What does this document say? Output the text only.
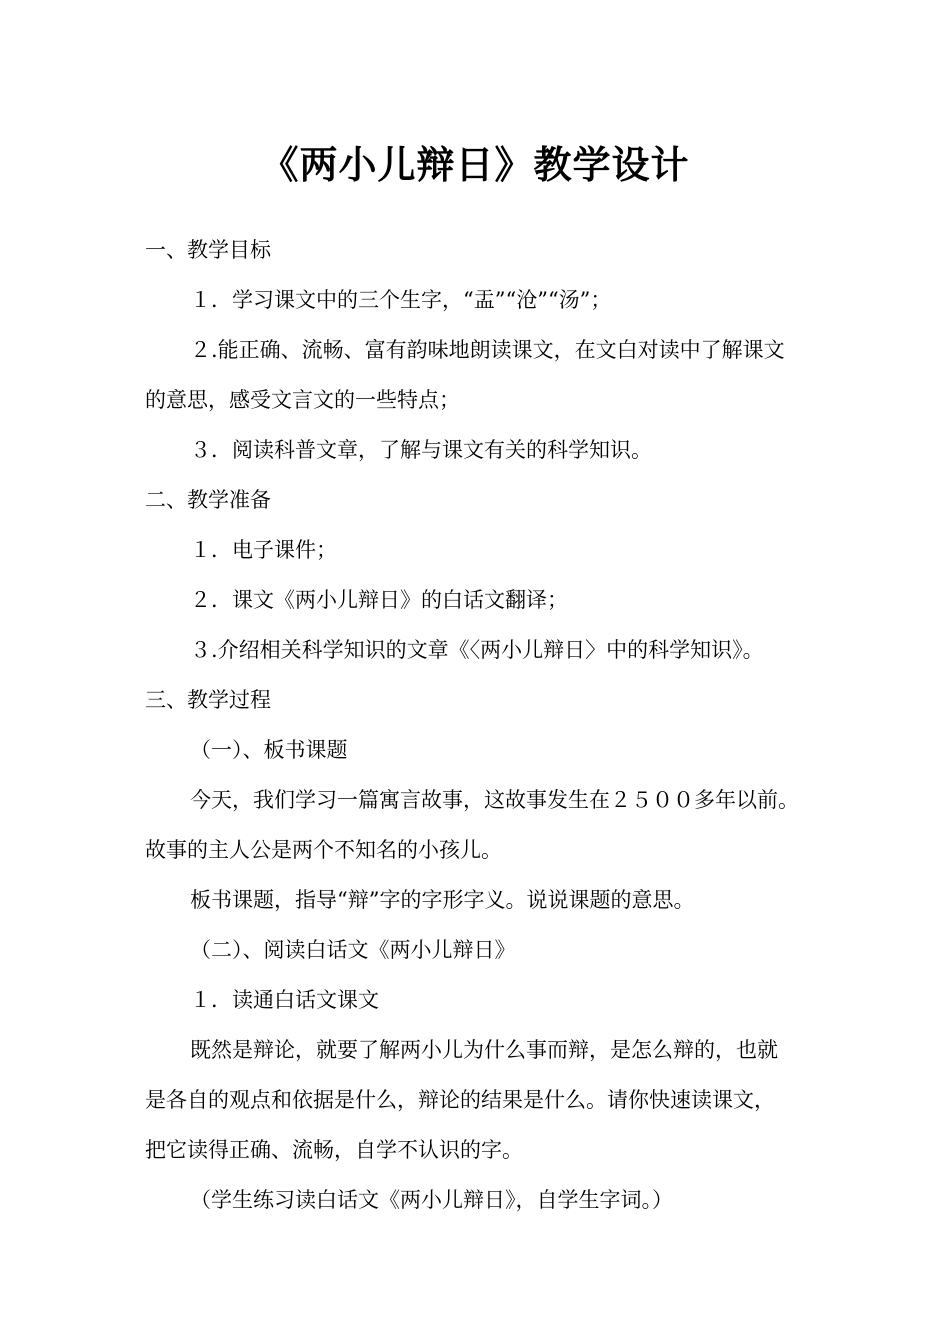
《两小儿辩日》教学设计
一、教学目标
１．学习课文中的三个生字，“盂”“沧”“汤”；
２.能正确、流畅、富有韵味地朗读课文，在文白对读中了解课文
的意思，感受文言文的一些特点；
３．阅读科普文章，了解与课文有关的科学知识。
二、教学准备
１．电子课件；
２．课文《两小儿辩日》的白话文翻译；
３.介绍相关科学知识的文章《〈两小儿辩日〉中的科学知识》。
三、教学过程
（一）、板书课题
今天，我们学习一篇寓言故事，这故事发生在２５００多年以前。
故事的主人公是两个不知名的小孩儿。
板书课题，指导“辩”字的字形字义。说说课题的意思。
（二）、阅读白话文《两小儿辩日》
１．读通白话文课文
既然是辩论，就要了解两小儿为什么事而辩，是怎么辩的，也就
是各自的观点和依据是什么，辩论的结果是什么。请你快速读课文，
把它读得正确、流畅，自学不认识的字。
（学生练习读白话文《两小儿辩日》，自学生字词。）
